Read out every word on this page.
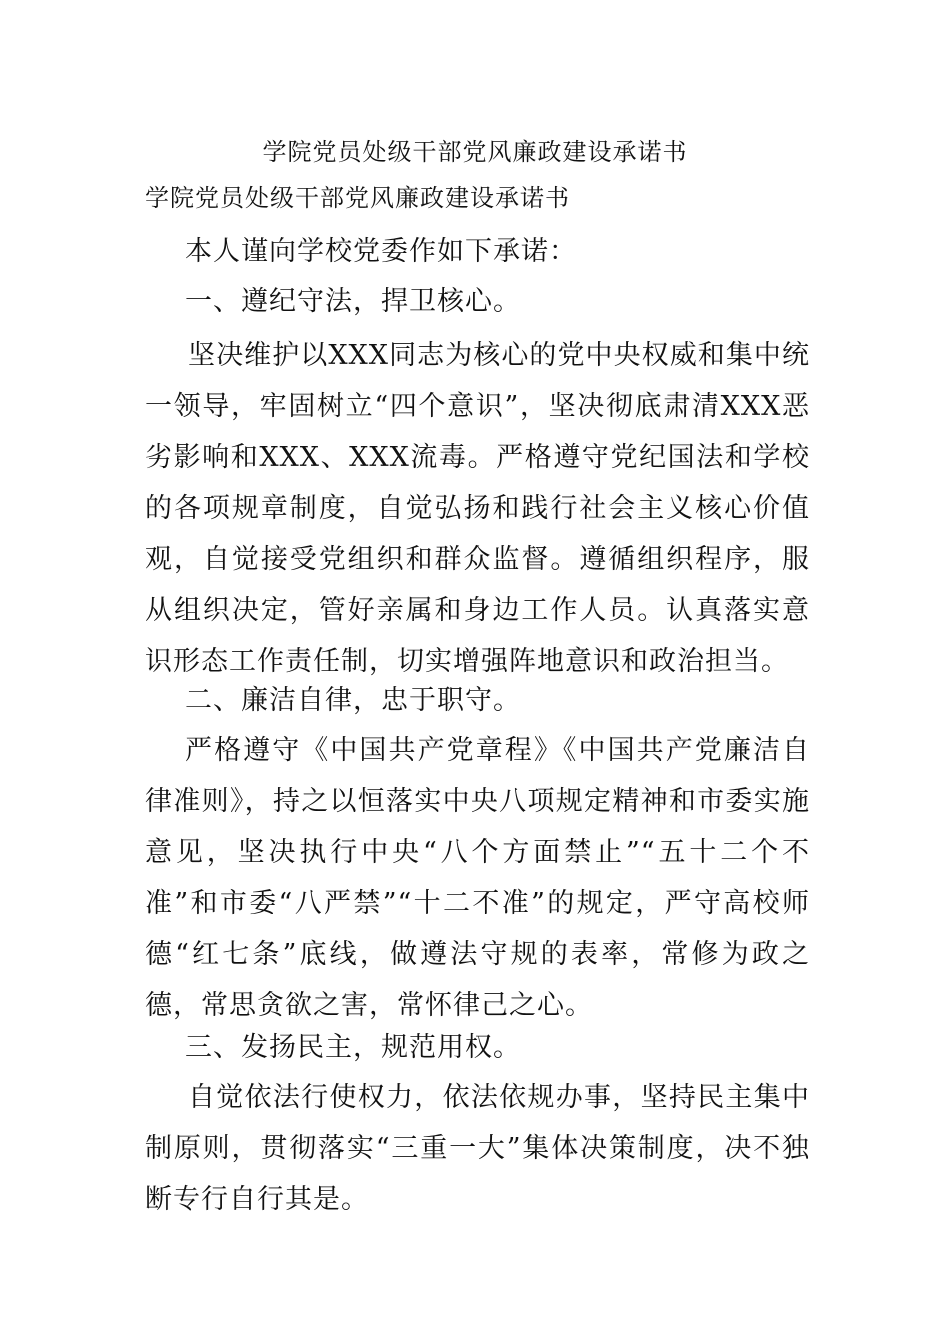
学院党员处级干部党风廉政建设承诺书

学院党员处级干部党风廉政建设承诺书

本人谨向学校党委作如下承诺：

一、遵纪守法，捍卫核心。

坚决维护以XXX同志为核心的党中央权威和集中统一领导，牢固树立“四个意识”，坚决彻底肃清XXX恶劣影响和XXX、XXX流毒。严格遵守党纪国法和学校的各项规章制度，自觉弘扬和践行社会主义核心价值观，自觉接受党组织和群众监督。遵循组织程序，服从组织决定，管好亲属和身边工作人员。认真落实意识形态工作责任制，切实增强阵地意识和政治担当。

二、廉洁自律，忠于职守。

严格遵守《中国共产党章程》《中国共产党廉洁自律准则》，持之以恒落实中央八项规定精神和市委实施意见，坚决执行中央“八个方面禁止”“五十二个不准”和市委“八严禁”“十二不准”的规定，严守高校师德“红七条”底线，做遵法守规的表率，常修为政之德，常思贪欲之害，常怀律己之心。

三、发扬民主，规范用权。

自觉依法行使权力，依法依规办事，坚持民主集中制原则，贯彻落实“三重一大”集体决策制度，决不独断专行自行其是。
